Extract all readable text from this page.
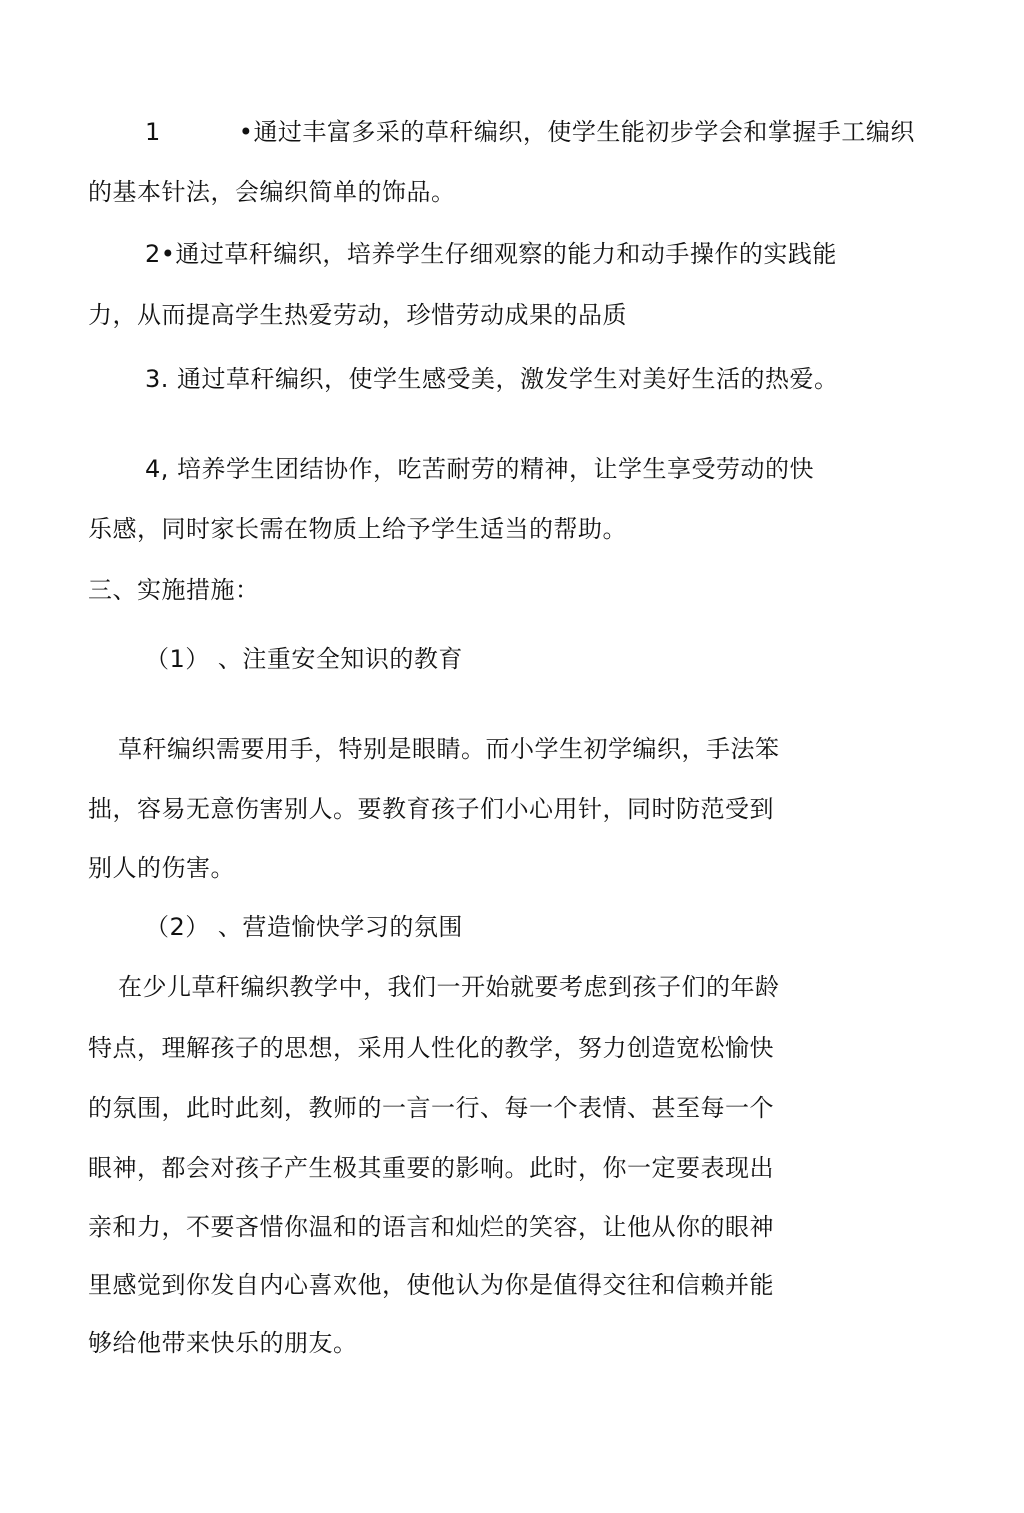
1	•通过丰富多采的草秆编织，使学生能初步学会和掌握手工编织
的基本针法，会编织简单的饰品。
2•通过草秆编织，培养学生仔细观察的能力和动手操作的实践能
力，从而提高学生热爱劳动，珍惜劳动成果的品质
3. 通过草秆编织，使学生感受美，激发学生对美好生活的热爱。
4, 培养学生团结协作，吃苦耐劳的精神，让学生享受劳动的快
乐感，同时家长需在物质上给予学生适当的帮助。
三、实施措施：
（1） 、注重安全知识的教育
草秆编织需要用手，特别是眼睛。而小学生初学编织，手法笨
拙，容易无意伤害别人。要教育孩子们小心用针，同时防范受到
别人的伤害。
（2） 、营造愉快学习的氛围
在少儿草秆编织教学中，我们一开始就要考虑到孩子们的年龄
特点，理解孩子的思想，采用人性化的教学，努力创造宽松愉快
的氛围，此时此刻，教师的一言一行、每一个表情、甚至每一个
眼神，都会对孩子产生极其重要的影响。此时，你一定要表现出
亲和力，不要吝惜你温和的语言和灿烂的笑容，让他从你的眼神
里感觉到你发自内心喜欢他，使他认为你是值得交往和信赖并能
够给他带来快乐的朋友。
